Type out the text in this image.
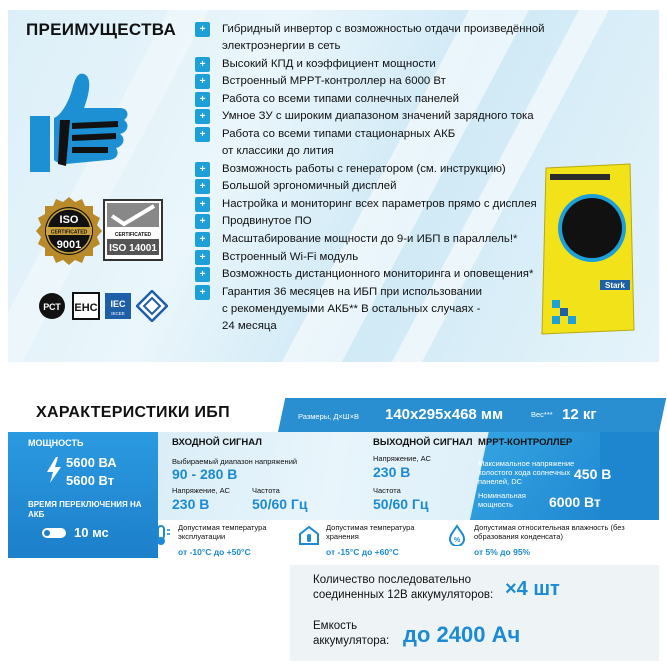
ПРЕИМУЩЕСТВА
ISO
CERTIFICATED
9001
CERTIFICATED
ISO 14001
РСТ ЕНС IEC
IECEE
+	Гибридный инвертор с возможностью отдачи произведённой
электроэнергии в сеть
+	Высокий КПД и коэффициент мощности
+	Встроенный MPPT-контроллер на 6000 Вт
+	Работа со всеми типами солнечных панелей
+	Умное ЗУ с широким диапазоном значений зарядного тока
+	Работа со всеми типами стационарных АКБ
от классики до лития
+	Возможность работы с генератором (см. инструкцию)
+	Большой эргономичный дисплей
+	Настройка и мониторинг всех параметров прямо с дисплея
+	Продвинутое ПО
+	Масштабирование мощности до 9-и ИБП в параллель!*
+	Встроенный Wi-Fi модуль
+	Возможность дистанционного мониторинга и оповещения*
+	Гарантия 36 месяцев на ИБП при использовании
с рекомендуемыми АКБ** В остальных случаях -
24 месяца
Stark
ХАРАКТЕРИСТИКИ ИБП	Размеры, Д×Ш×В 140x295x468 мм	Вес*** 12 кг
МОЩНОСТЬ
5600 ВА
5600 Вт
ВРЕМЯ ПЕРЕКЛЮЧЕНИЯ НА АКБ
10 мс
ВХОДНОЙ СИГНАЛ
Выбираемый диапазон напряжений
90 - 280 В
Напряжение, АС
230 В
Частота
50/60 Гц
ВЫХОДНОЙ СИГНАЛ
Напряжение, АС
230 В
Частота
50/60 Гц
MPPT-КОНТРОЛЛЕР
Максимальное напряжение холостого хода солнечных панелей, DC	450 В
Номинальная мощность	6000 Вт
Допустимая температура эксплуатации
от -10°С до +50°С
Допустимая температура хранения
от -15°С до +60°С
%
Допустимая относительная влажность (без образования конденсата)
от 5% до 95%
Количество последовательно соединенных 12В аккумуляторов: ×4 шт
Емкость аккумулятора: до 2400 Ач
